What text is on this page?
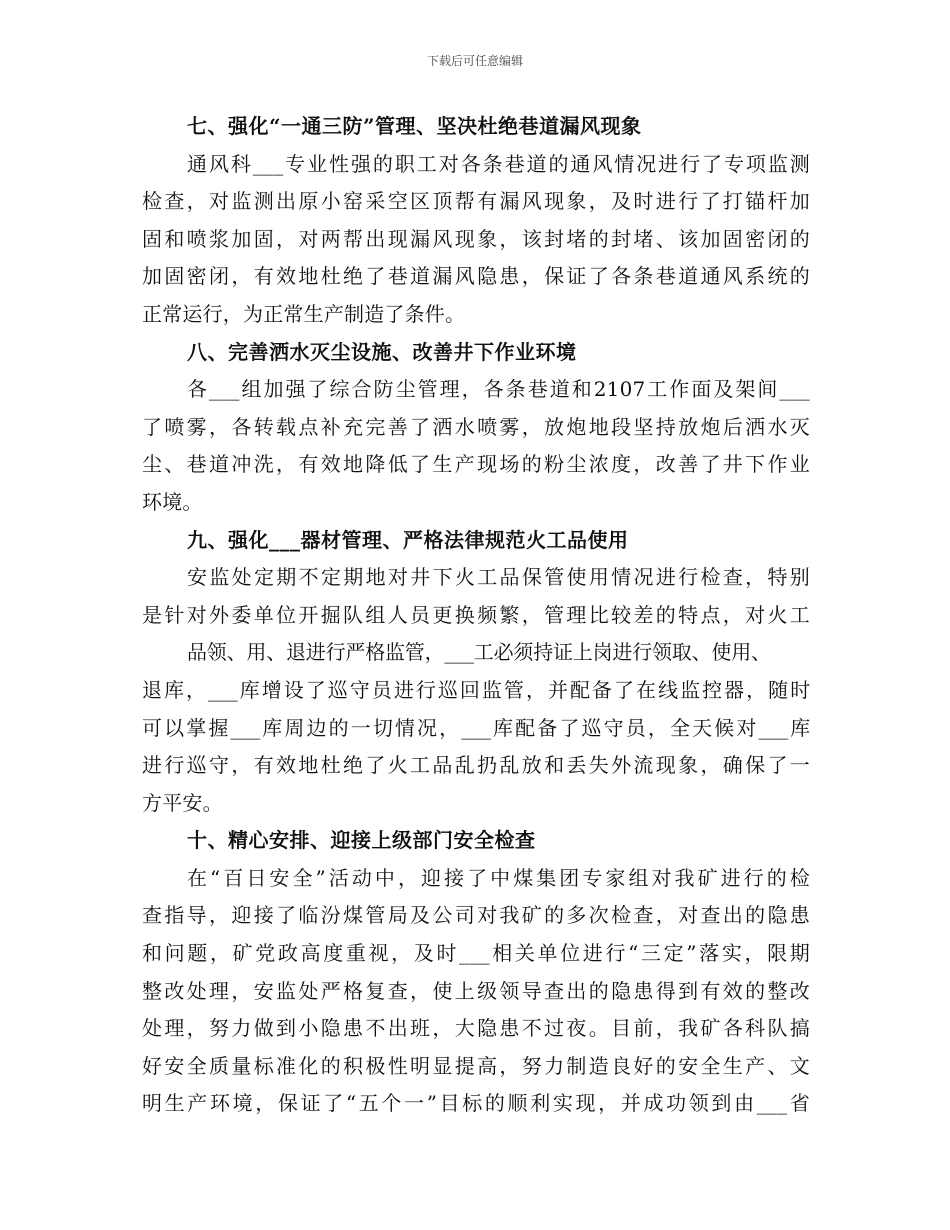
下载后可任意编辑
七、强化“一通三防”管理、坚决杜绝巷道漏风现象
通风科___专业性强的职工对各条巷道的通风情况进行了专项监测
检查，对监测出原小窑采空区顶帮有漏风现象，及时进行了打锚杆加
固和喷浆加固，对两帮出现漏风现象，该封堵的封堵、该加固密闭的
加固密闭，有效地杜绝了巷道漏风隐患，保证了各条巷道通风系统的
正常运行，为正常生产制造了条件。
八、完善洒水灭尘设施、改善井下作业环境
各___组加强了综合防尘管理，各条巷道和2107工作面及架间___
了喷雾，各转载点补充完善了洒水喷雾，放炮地段坚持放炮后洒水灭
尘、巷道冲洗，有效地降低了生产现场的粉尘浓度，改善了井下作业
环境。
九、强化___器材管理、严格法律规范火工品使用
安监处定期不定期地对井下火工品保管使用情况进行检查，特别
是针对外委单位开掘队组人员更换频繁，管理比较差的特点，对火工
品领、用、退进行严格监管，___工必须持证上岗进行领取、使用、
退库，___库增设了巡守员进行巡回监管，并配备了在线监控器，随时
可以掌握___库周边的一切情况，___库配备了巡守员，全天候对___库
进行巡守，有效地杜绝了火工品乱扔乱放和丢失外流现象，确保了一
方平安。
十、精心安排、迎接上级部门安全检查
在“百日安全”活动中，迎接了中煤集团专家组对我矿进行的检
查指导，迎接了临汾煤管局及公司对我矿的多次检查，对查出的隐患
和问题，矿党政高度重视，及时___相关单位进行“三定”落实，限期
整改处理，安监处严格复查，使上级领导查出的隐患得到有效的整改
处理，努力做到小隐患不出班，大隐患不过夜。目前，我矿各科队搞
好安全质量标准化的积极性明显提高，努力制造良好的安全生产、文
明生产环境，保证了“五个一”目标的顺利实现，并成功领到由___省
